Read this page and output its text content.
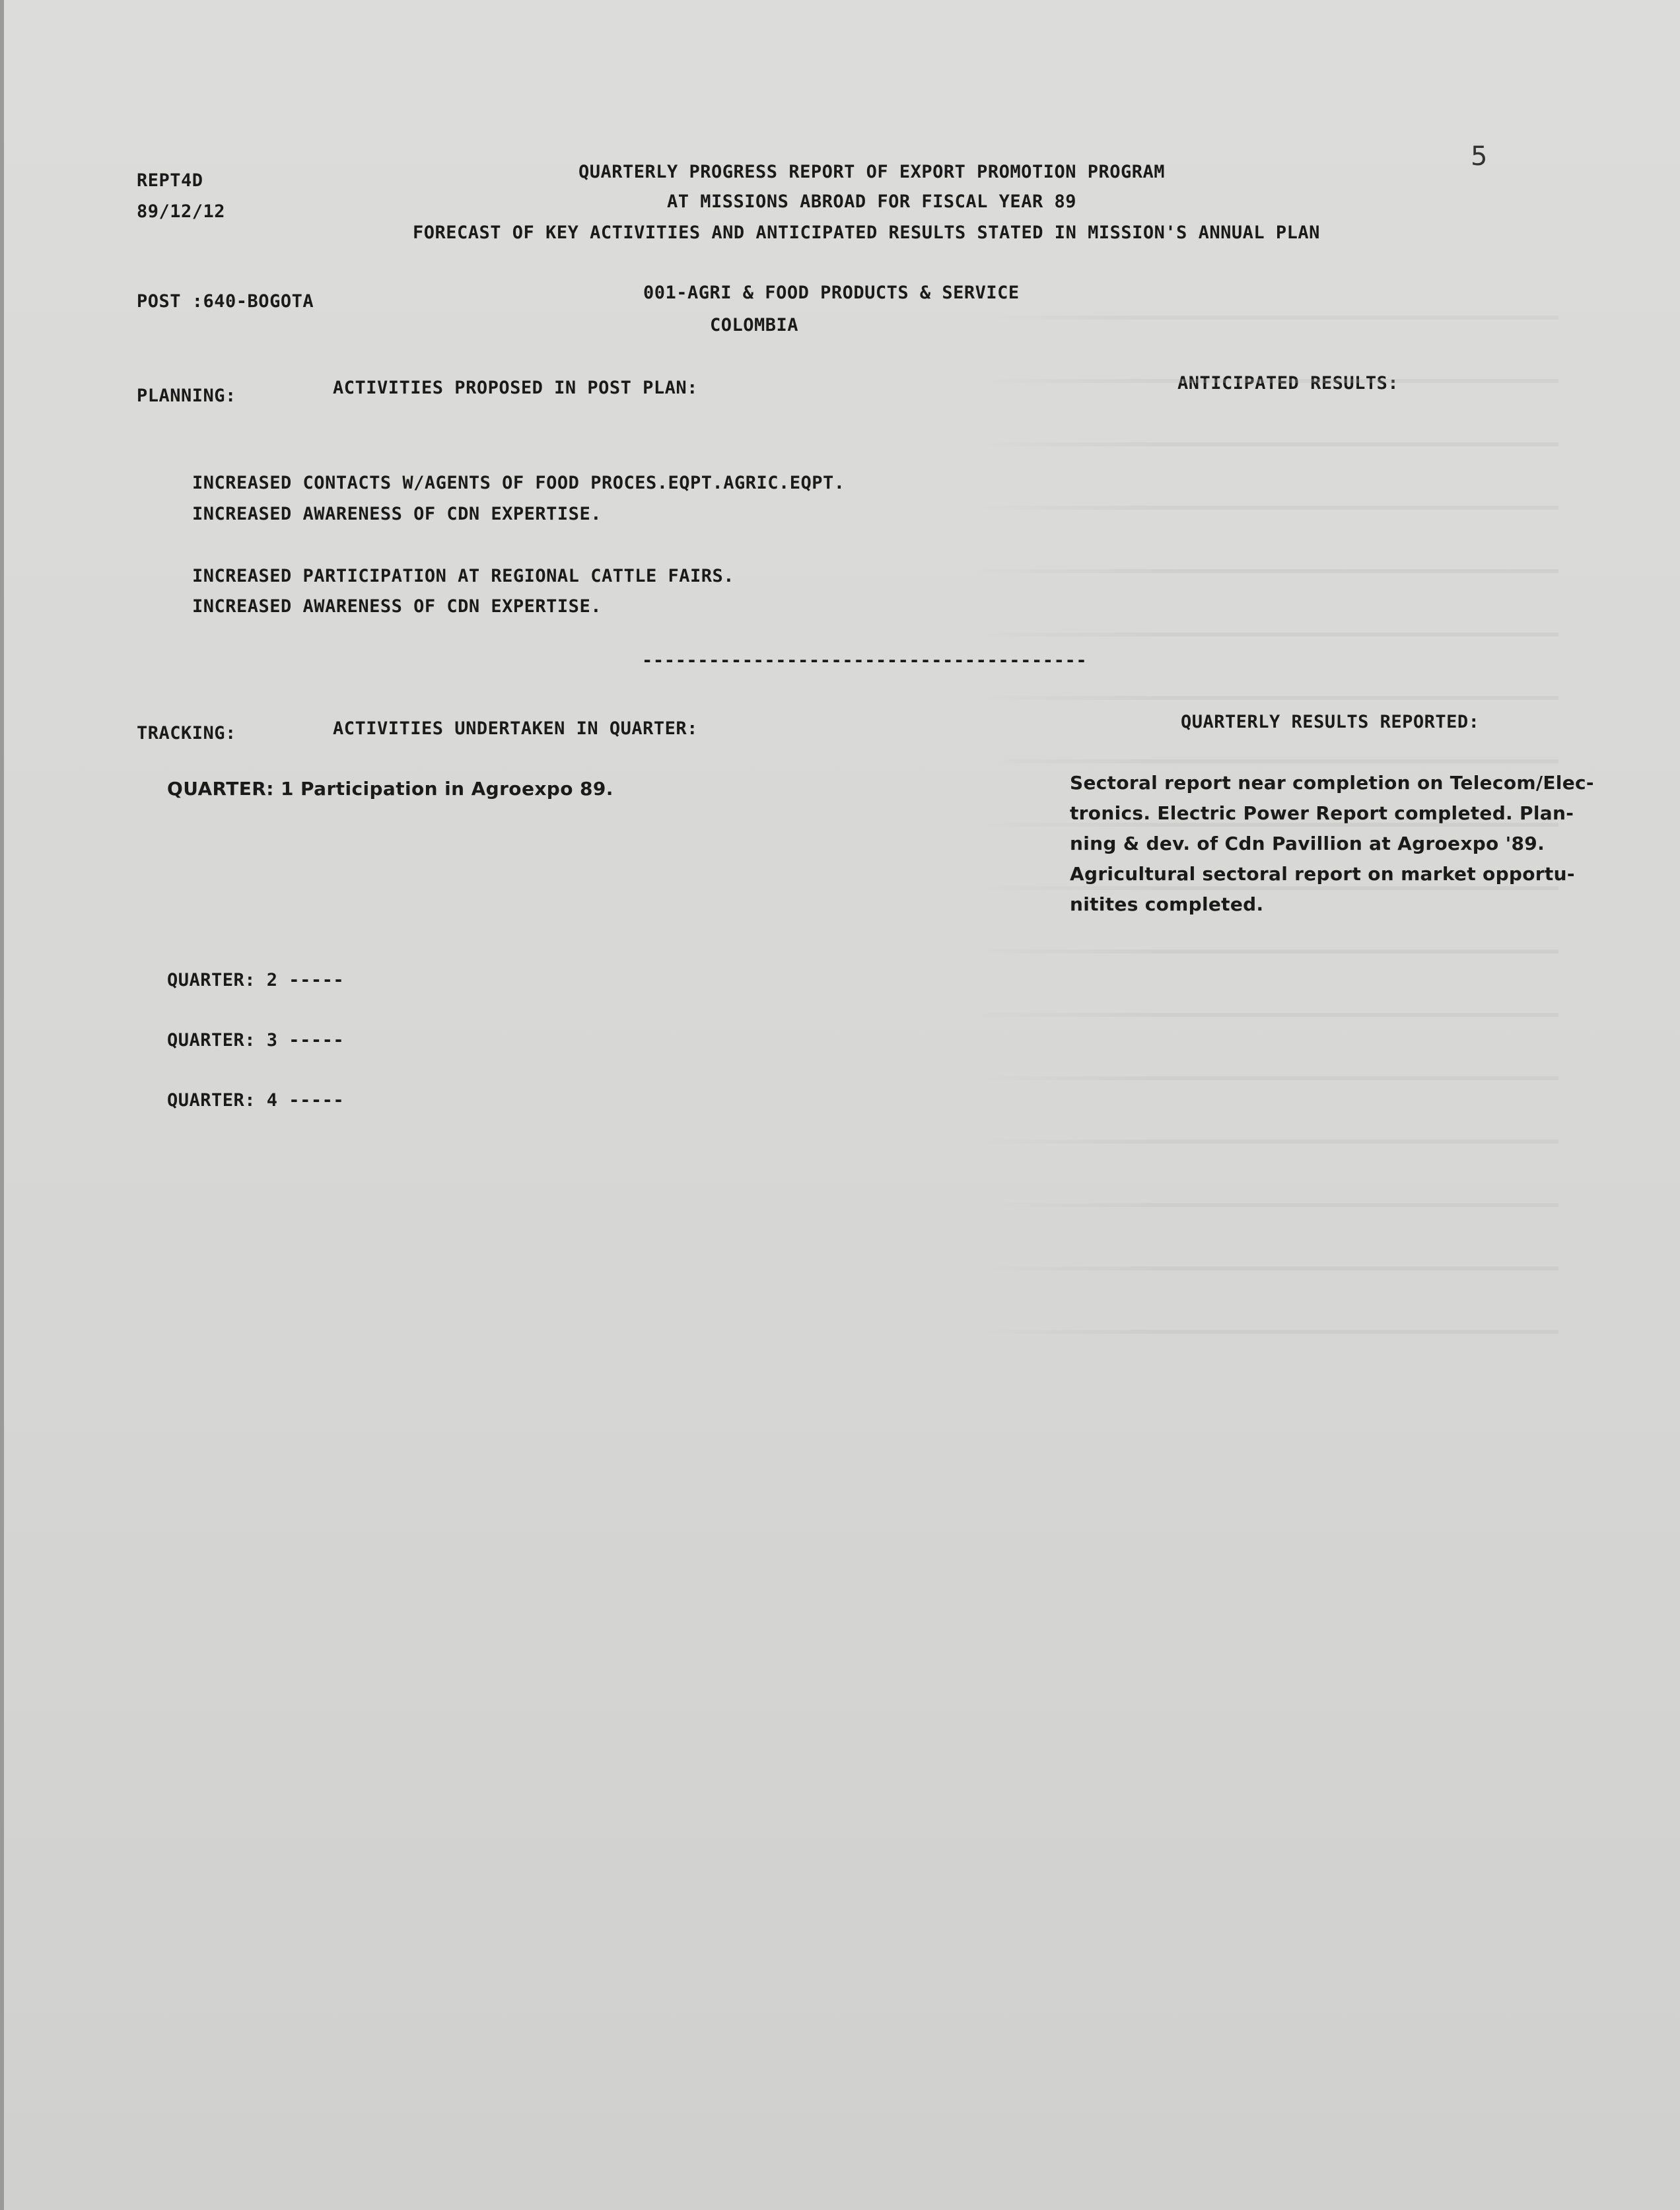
5
REPT4D
89/12/12
QUARTERLY PROGRESS REPORT OF EXPORT PROMOTION PROGRAM
AT MISSIONS ABROAD FOR FISCAL YEAR 89
FORECAST OF KEY ACTIVITIES AND ANTICIPATED RESULTS STATED IN MISSION'S ANNUAL PLAN
POST :640-BOGOTA	001-AGRI & FOOD PRODUCTS & SERVICE
COLOMBIA
PLANNING:	ACTIVITIES PROPOSED IN POST PLAN:	ANTICIPATED RESULTS:
INCREASED CONTACTS W/AGENTS OF FOOD PROCES.EQPT.AGRIC.EQPT.
INCREASED AWARENESS OF CDN EXPERTISE.
INCREASED PARTICIPATION AT REGIONAL CATTLE FAIRS.
INCREASED AWARENESS OF CDN EXPERTISE.
----------------------------------------
TRACKING:	ACTIVITIES UNDERTAKEN IN QUARTER:	QUARTERLY RESULTS REPORTED:
QUARTER: 1 Participation in Agroexpo 89.	Sectoral report near completion on Telecom/Elec-
tronics. Electric Power Report completed. Plan-
ning & dev. of Cdn Pavillion at Agroexpo '89.
Agricultural sectoral report on market opportu-
nitites completed.
QUARTER: 2 -----
QUARTER: 3 -----
QUARTER: 4 -----
